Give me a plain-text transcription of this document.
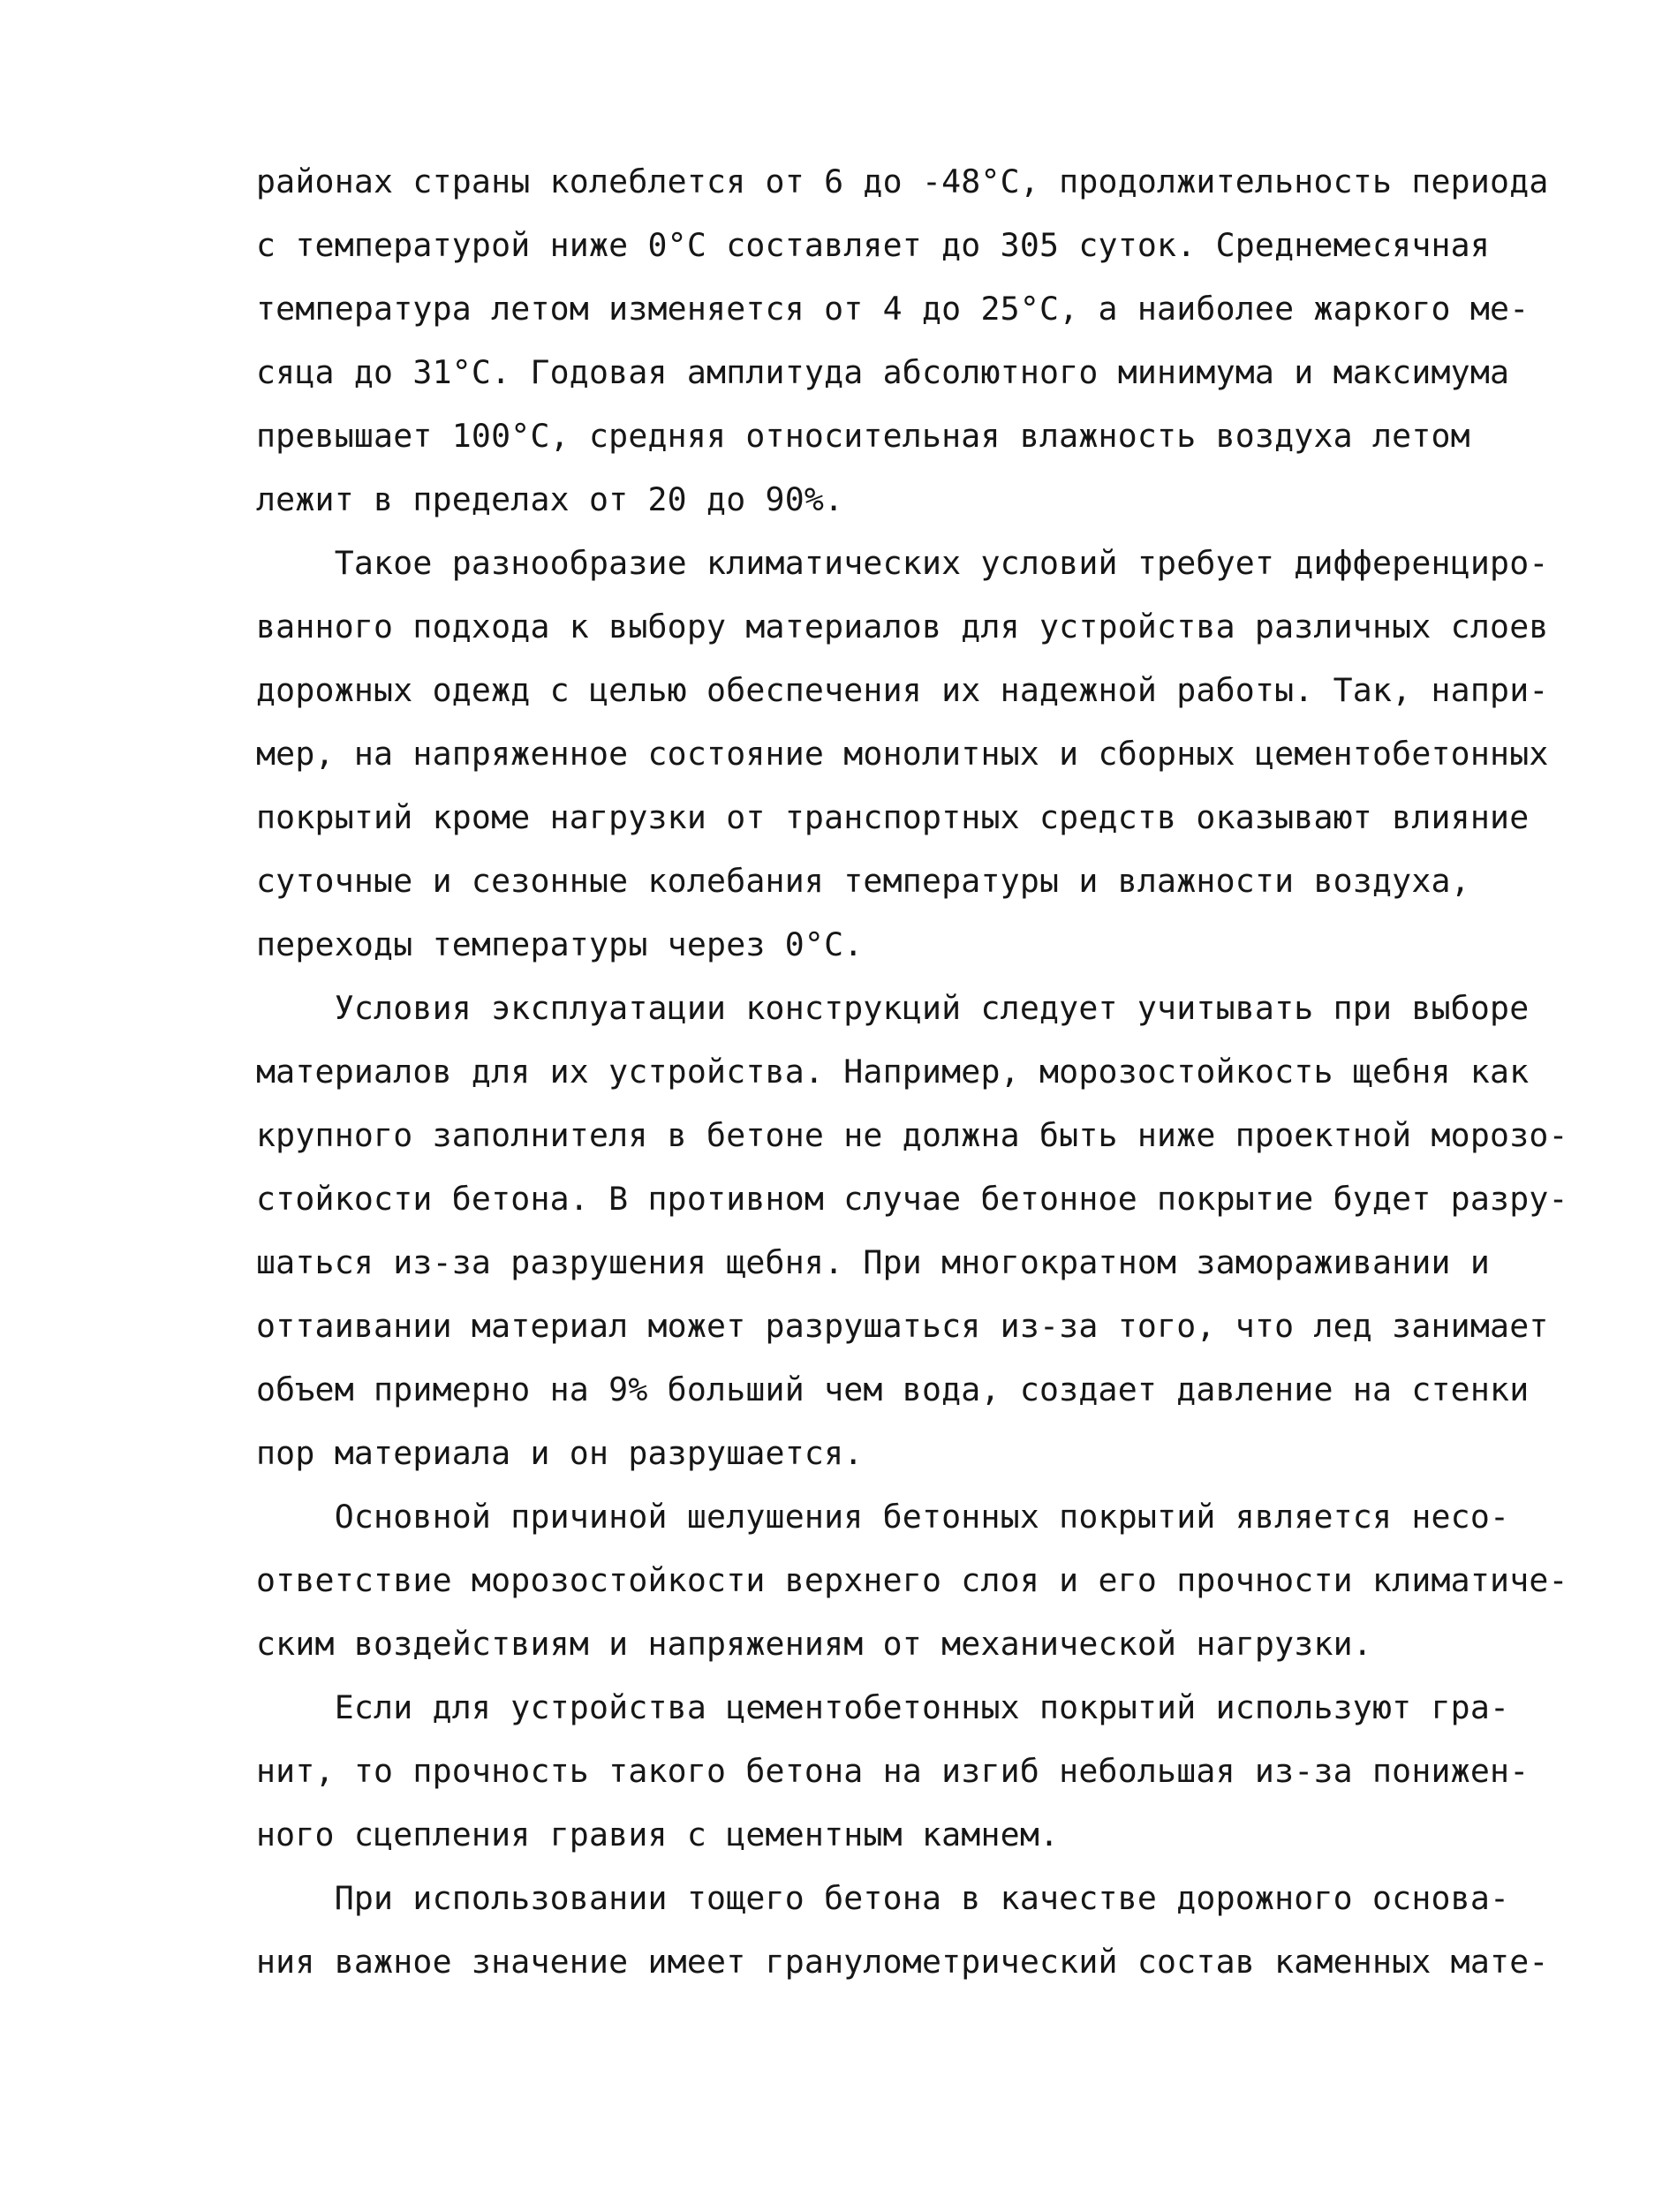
районах страны колеблется от 6 до -48°С, продолжительность периода
с температурой ниже 0°С составляет до 305 суток. Среднемесячная
температура летом изменяется от 4 до 25°С, а наиболее жаркого ме-
сяца до 31°С. Годовая амплитуда абсолютного минимума и максимума
превышает 100°С, средняя относительная влажность воздуха летом
лежит в пределах от 20 до 90%.
Такое разнообразие климатических условий требует дифференциро-
ванного подхода к выбору материалов для устройства различных слоев
дорожных одежд с целью обеспечения их надежной работы. Так, напри-
мер, на напряженное состояние монолитных и сборных цементобетонных
покрытий кроме нагрузки от транспортных средств оказывают влияние
суточные и сезонные колебания температуры и влажности воздуха,
переходы температуры через 0°С.
Условия эксплуатации конструкций следует учитывать при выборе
материалов для их устройства. Например, морозостойкость щебня как
крупного заполнителя в бетоне не должна быть ниже проектной морозо-
стойкости бетона. В противном случае бетонное покрытие будет разру-
шаться из-за разрушения щебня. При многократном замораживании и
оттаивании материал может разрушаться из-за того, что лед занимает
объем примерно на 9% больший чем вода, создает давление на стенки
пор материала и он разрушается.
Основной причиной шелушения бетонных покрытий является несо-
ответствие морозостойкости верхнего слоя и его прочности климатиче-
ским воздействиям и напряжениям от механической нагрузки.
Если для устройства цементобетонных покрытий используют гра-
нит, то прочность такого бетона на изгиб небольшая из-за понижен-
ного сцепления гравия с цементным камнем.
При использовании тощего бетона в качестве дорожного основа-
ния важное значение имеет гранулометрический состав каменных мате-
